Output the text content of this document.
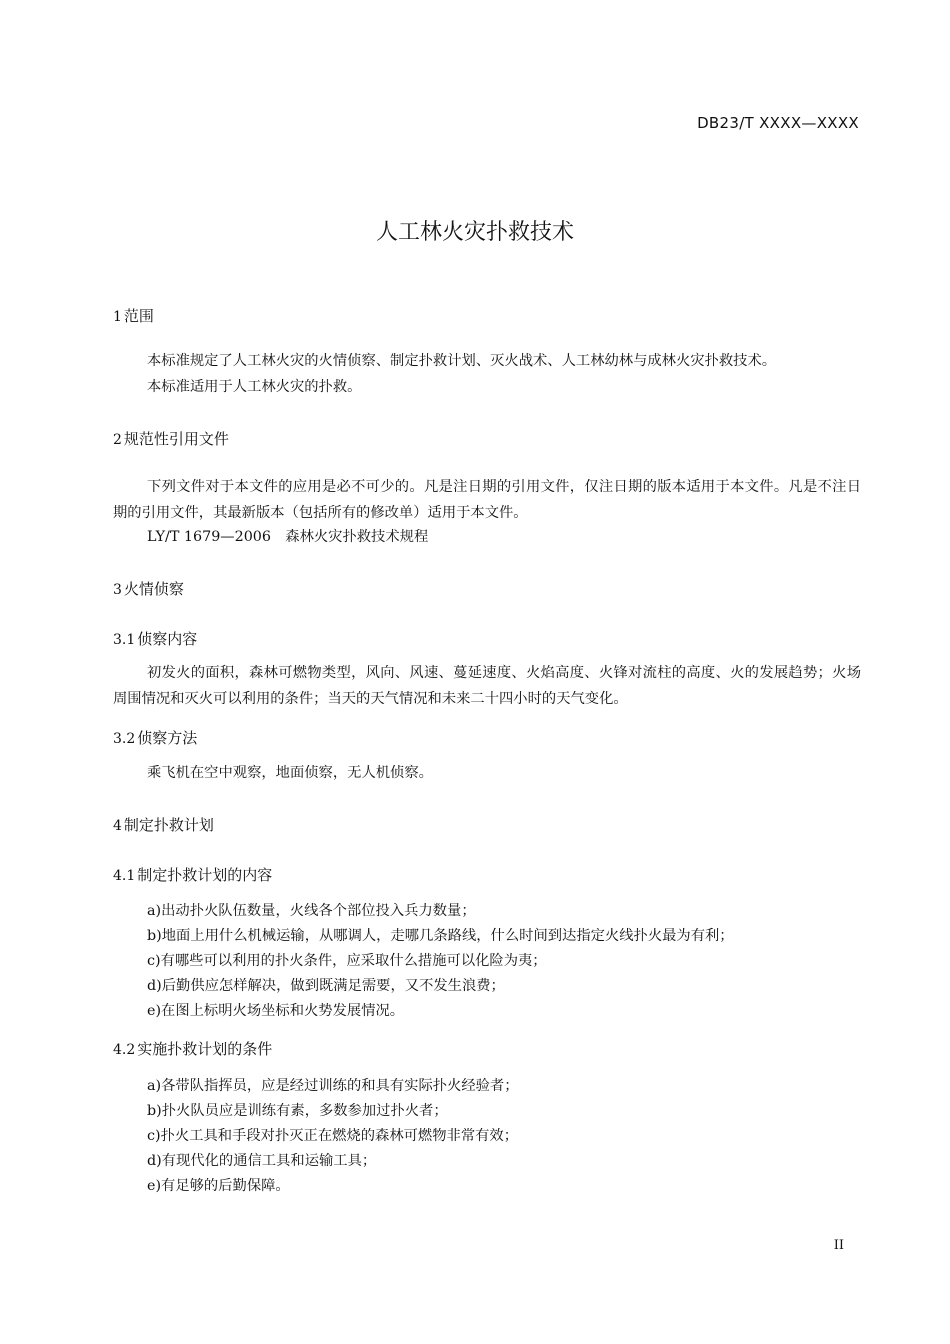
DB23/T XXXX—XXXX
人工林火灾扑救技术
1 范围
本标准规定了人工林火灾的火情侦察、制定扑救计划、灭火战术、人工林幼林与成林火灾扑救技术。
本标准适用于人工林火灾的扑救。
2 规范性引用文件
下列文件对于本文件的应用是必不可少的。凡是注日期的引用文件，仅注日期的版本适用于本文件。凡是不注日期的引用文件，其最新版本（包括所有的修改单）适用于本文件。
LY/T 1679—2006　森林火灾扑救技术规程
3 火情侦察
3.1 侦察内容
初发火的面积，森林可燃物类型，风向、风速、蔓延速度、火焰高度、火锋对流柱的高度、火的发展趋势；火场周围情况和灭火可以利用的条件；当天的天气情况和未来二十四小时的天气变化。
3.2 侦察方法
乘飞机在空中观察，地面侦察，无人机侦察。
4 制定扑救计划
4.1 制定扑救计划的内容
a)出动扑火队伍数量，火线各个部位投入兵力数量；
b)地面上用什么机械运输，从哪调人，走哪几条路线，什么时间到达指定火线扑火最为有利；
c)有哪些可以利用的扑火条件，应采取什么措施可以化险为夷；
d)后勤供应怎样解决，做到既满足需要，又不发生浪费；
e)在图上标明火场坐标和火势发展情况。
4.2 实施扑救计划的条件
a)各带队指挥员，应是经过训练的和具有实际扑火经验者；
b)扑火队员应是训练有素，多数参加过扑火者；
c)扑火工具和手段对扑灭正在燃烧的森林可燃物非常有效；
d)有现代化的通信工具和运输工具；
e)有足够的后勤保障。
II
